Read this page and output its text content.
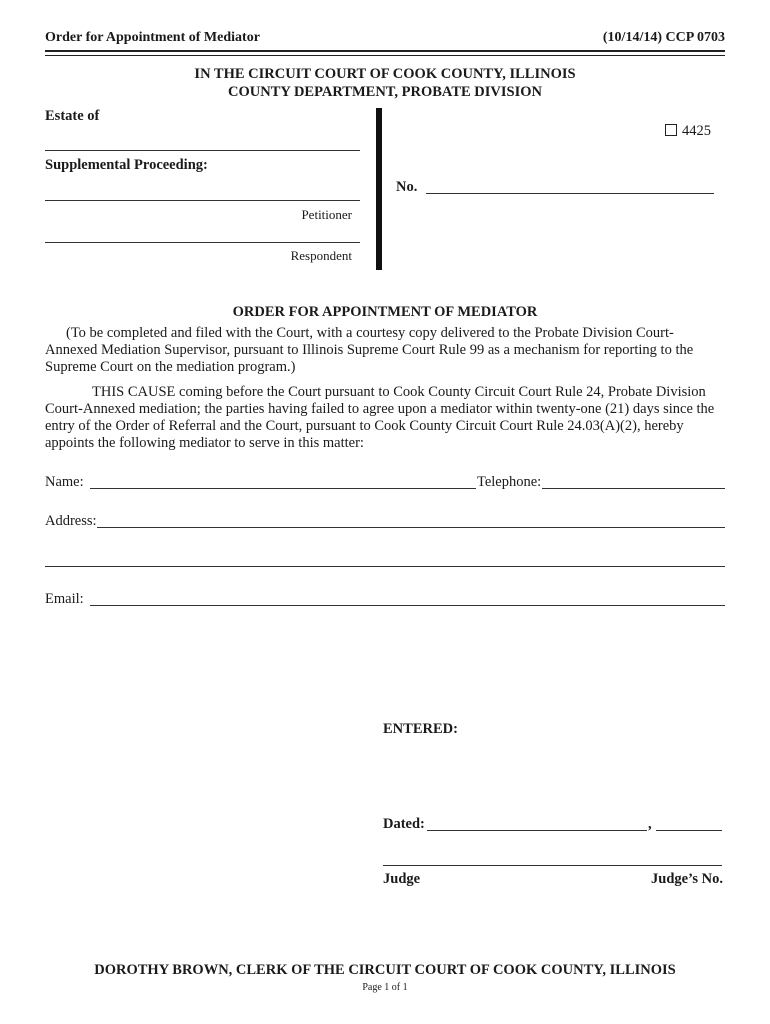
Order for Appointment of Mediator	(10/14/14) CCP 0703
IN THE CIRCUIT COURT OF COOK COUNTY, ILLINOIS
COUNTY DEPARTMENT, PROBATE DIVISION
Estate of
Supplemental Proceeding:
Petitioner
Respondent
4425
No.
ORDER FOR APPOINTMENT OF MEDIATOR
(To be completed and filed with the Court, with a courtesy copy delivered to the Probate Division Court-
Annexed Mediation Supervisor, pursuant to Illinois Supreme Court Rule 99 as a mechanism for reporting to the
Supreme Court on the mediation program.)
THIS CAUSE coming before the Court pursuant to Cook County Circuit Court Rule 24, Probate Division
Court-Annexed mediation; the parties having failed to agree upon a mediator within twenty-one (21) days since the
entry of the Order of Referral and the Court, pursuant to Cook County Circuit Court Rule 24.03(A)(2), hereby
appoints the following mediator to serve in this matter:
Name:	Telephone:
Address:
Email:
ENTERED:
Dated:	,
Judge	Judge’s No.
DOROTHY BROWN, CLERK OF THE CIRCUIT COURT OF COOK COUNTY, ILLINOIS
Page 1 of 1
